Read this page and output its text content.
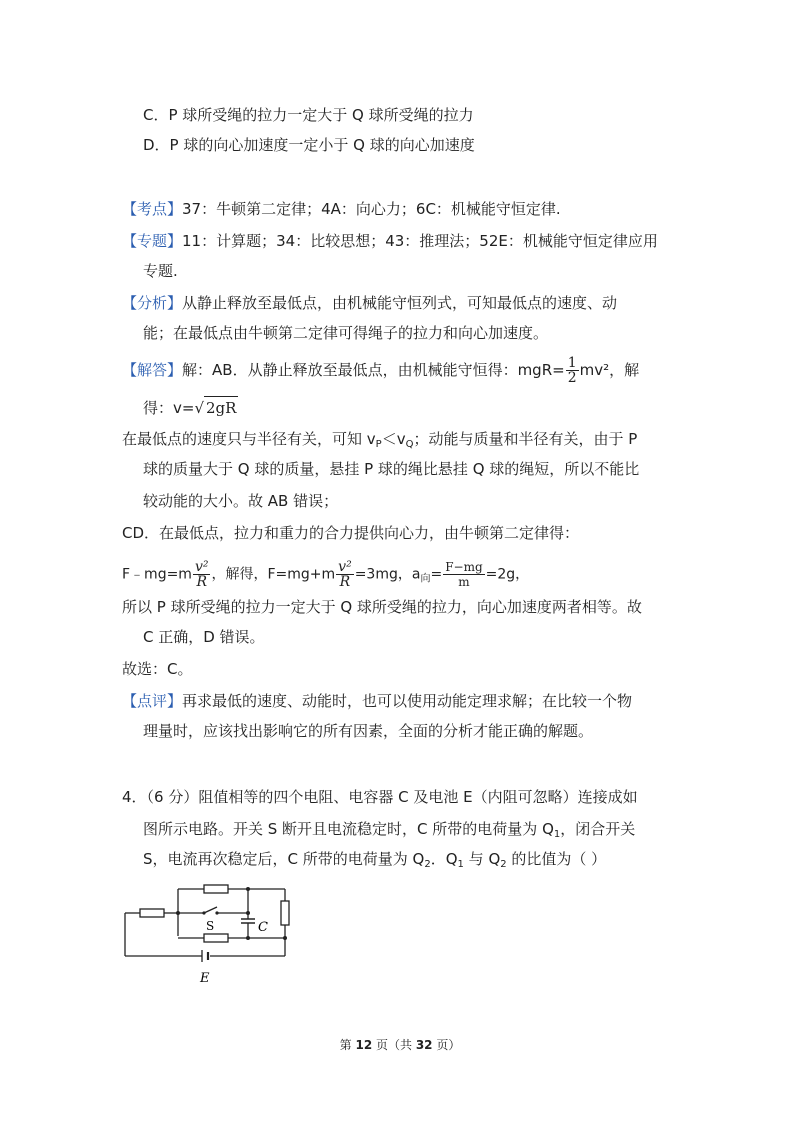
C．P 球所受绳的拉力一定大于 Q 球所受绳的拉力
D．P 球的向心加速度一定小于 Q 球的向心加速度
【考点】37：牛顿第二定律；4A：向心力；6C：机械能守恒定律.
【专题】11：计算题；34：比较思想；43：推理法；52E：机械能守恒定律应用
专题.
【分析】从静止释放至最低点，由机械能守恒列式，可知最低点的速度、动
能；在最低点由牛顿第二定律可得绳子的拉力和向心加速度。
【解答】解：AB．从静止释放至最低点，由机械能守恒得：$mgR= \frac{1}{2} mv^2$，解
得：v=√ 2gR
在最低点的速度只与半径有关，可知 $v_P<v_Q$；动能与质量和半径有关，由于 P
球的质量大于 Q 球的质量，悬挂 P 球的绳比悬挂 Q 球的绳短，所以不能比
较动能的大小。故 AB 错误；
CD．在最低点，拉力和重力的合力提供向心力，由牛顿第二定律得：
F﹣mg=m $\frac{\text{v²}}{R}$ ，解得，$F=mg+m \frac{\text{v²}}{R} =3mg$，$a_向= \frac{F-mg}{m} =2g$，
所以 P 球所受绳的拉力一定大于 Q 球所受绳的拉力，向心加速度两者相等。故
C 正确，D 错误。
故选：C。
【点评】再求最低的速度、动能时，也可以使用动能定理求解；在比较一个物
理量时，应该找出影响它的所有因素，全面的分析才能正确的解题。
4．（6 分）阻值相等的四个电阻、电容器 C 及电池 E（内阻可忽略）连接成如
图所示电路。开关 S 断开且电流稳定时，C 所带的电荷量为 $Q_1$，闭合开关
S，电流再次稳定后，C 所带的电荷量为 $Q_2$．$Q_1$ 与 $Q_2$ 的比值为（ ）
S	C
E
第 12 页（共 32 页）
